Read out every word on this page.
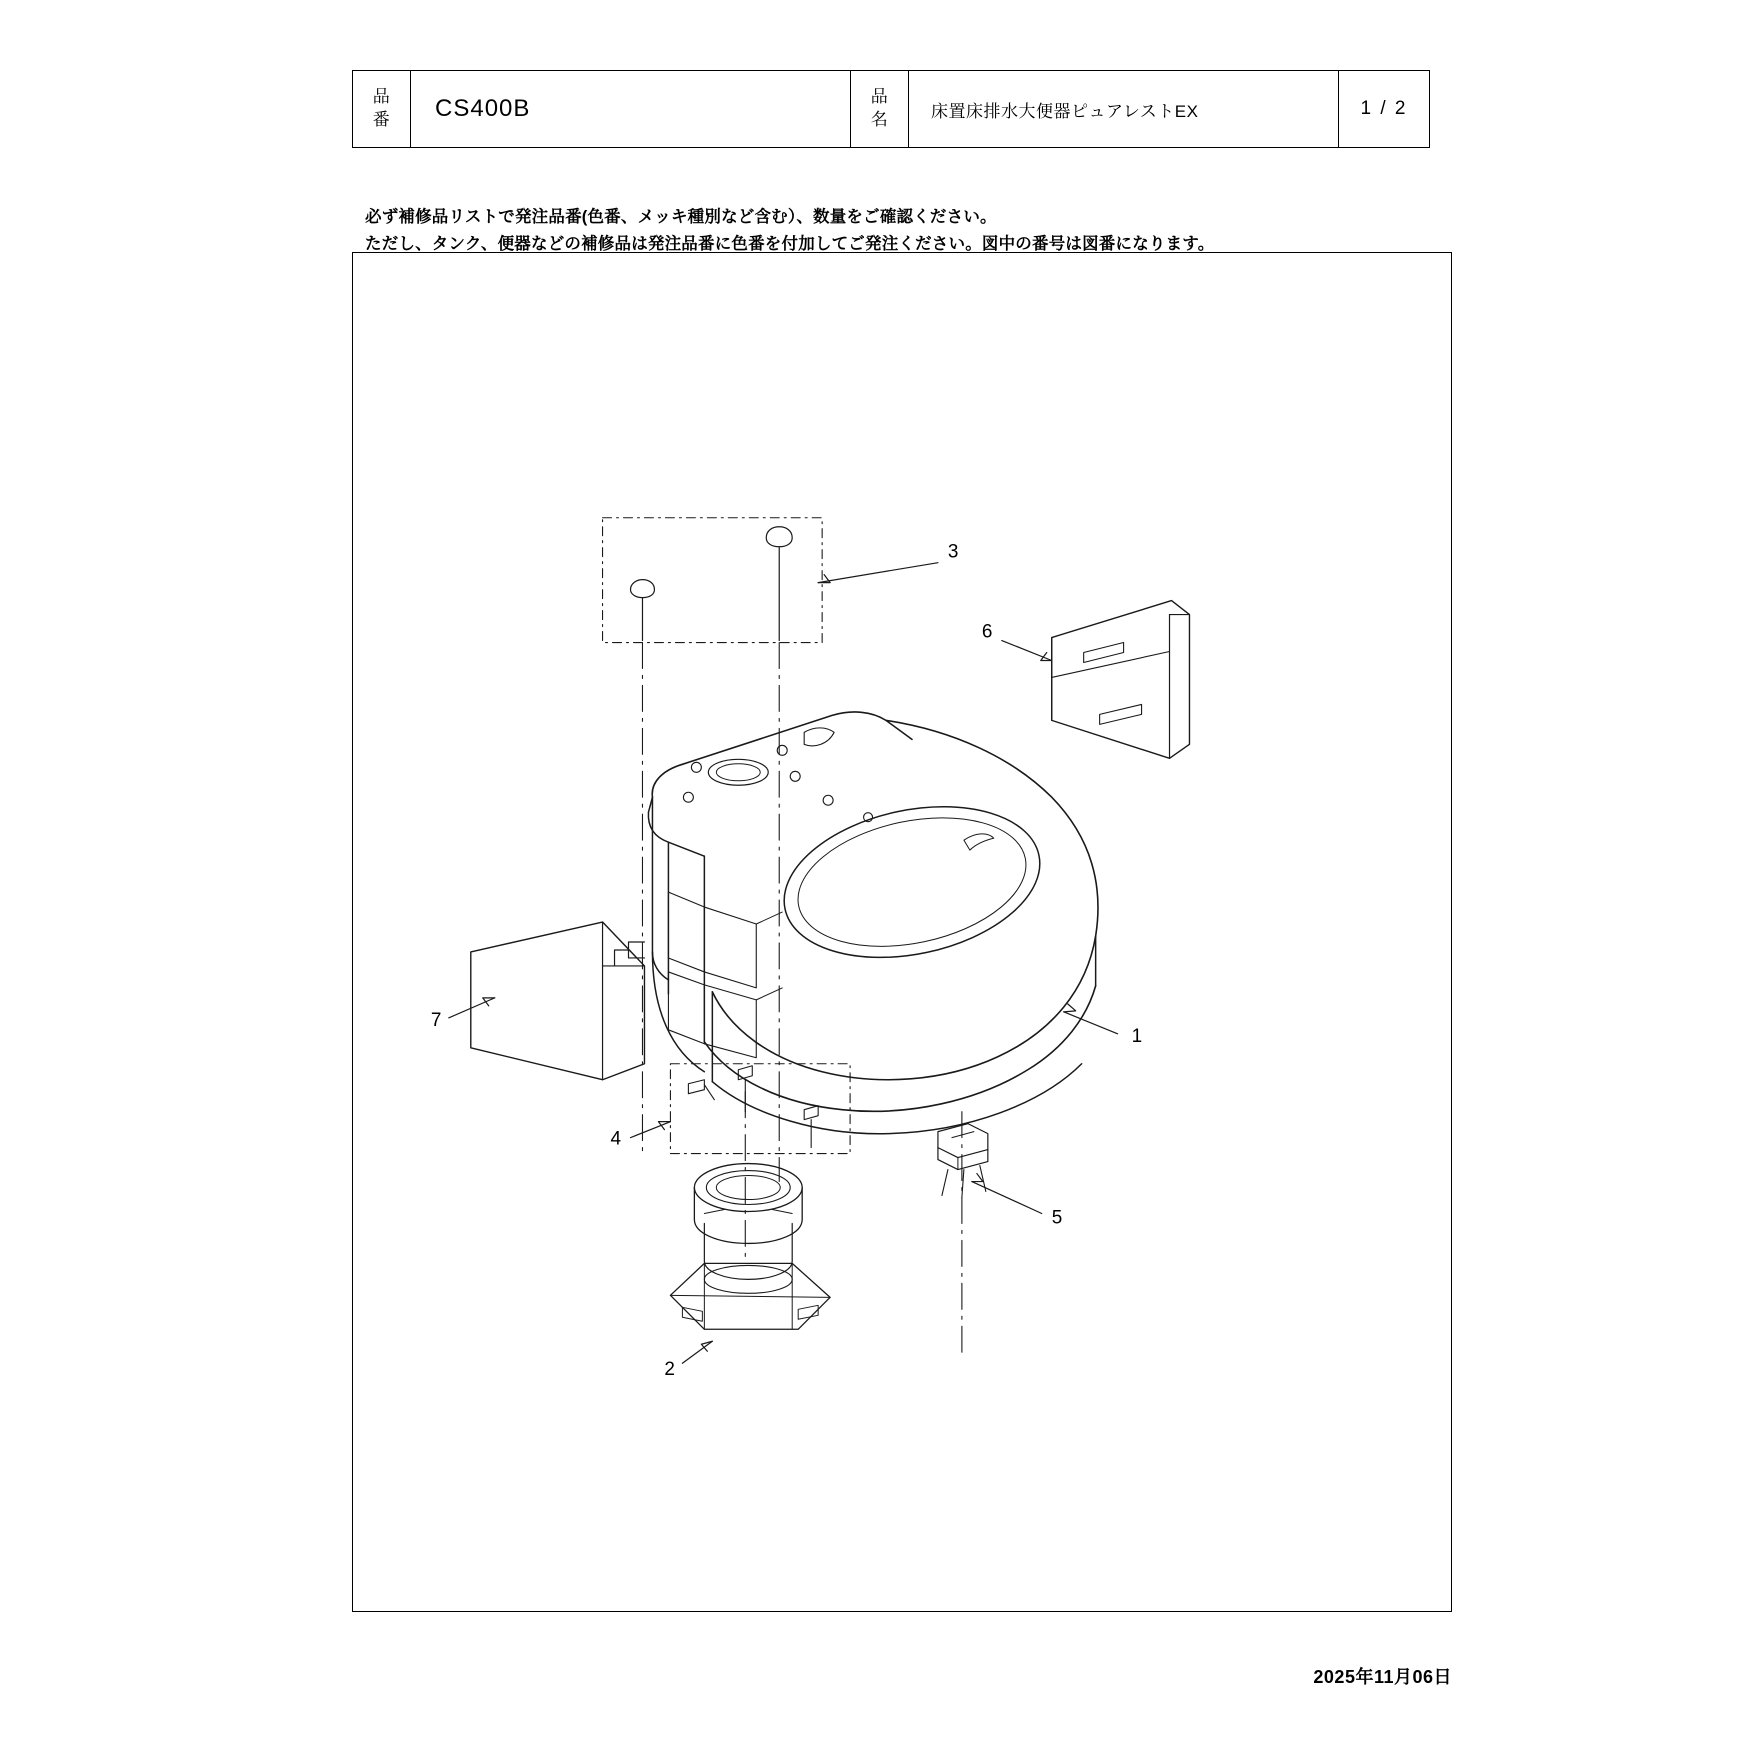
品
番	CS400B	品
名	床置床排水大便器ピュアレストEX	1 / 2
必ず補修品リストで発注品番(色番、メッキ種別など含む）、数量をご確認ください。
ただし、タンク、便器などの補修品は発注品番に色番を付加してご発注ください。図中の番号は図番になります。
1
2
3
4
5
6
7
2025年11月06日
